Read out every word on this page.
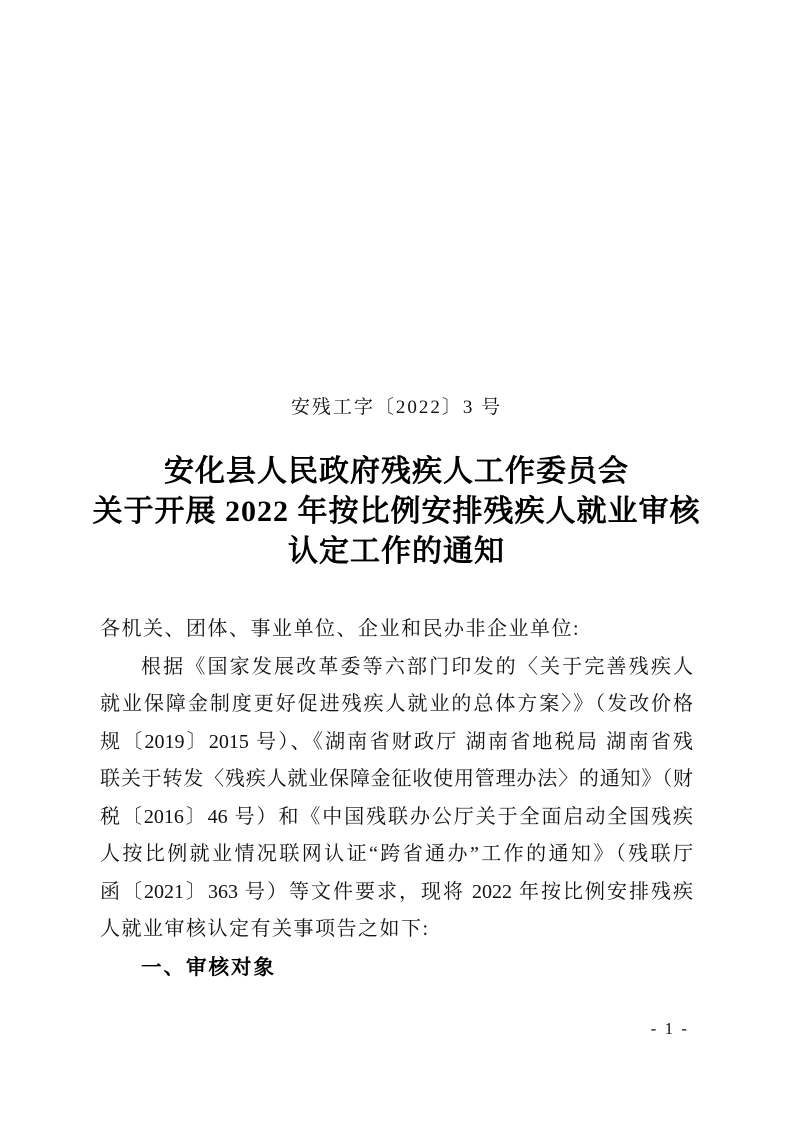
安残工字〔2022〕3 号
安化县人民政府残疾人工作委员会
关于开展 2022 年按比例安排残疾人就业审核
认定工作的通知
各机关、团体、事业单位、企业和民办非企业单位:
根据《国家发展改革委等六部门印发的〈关于完善残疾人
就业保障金制度更好促进残疾人就业的总体方案〉》（发改价格
规〔2019〕2015 号）、《湖南省财政厅 湖南省地税局 湖南省残
联关于转发〈残疾人就业保障金征收使用管理办法〉的通知》（财
税〔2016〕46 号）和《中国残联办公厅关于全面启动全国残疾
人按比例就业情况联网认证“跨省通办”工作的通知》（残联厅
函〔2021〕363 号）等文件要求，现将 2022 年按比例安排残疾
人就业审核认定有关事项告之如下:
一、审核对象
- 1 -
